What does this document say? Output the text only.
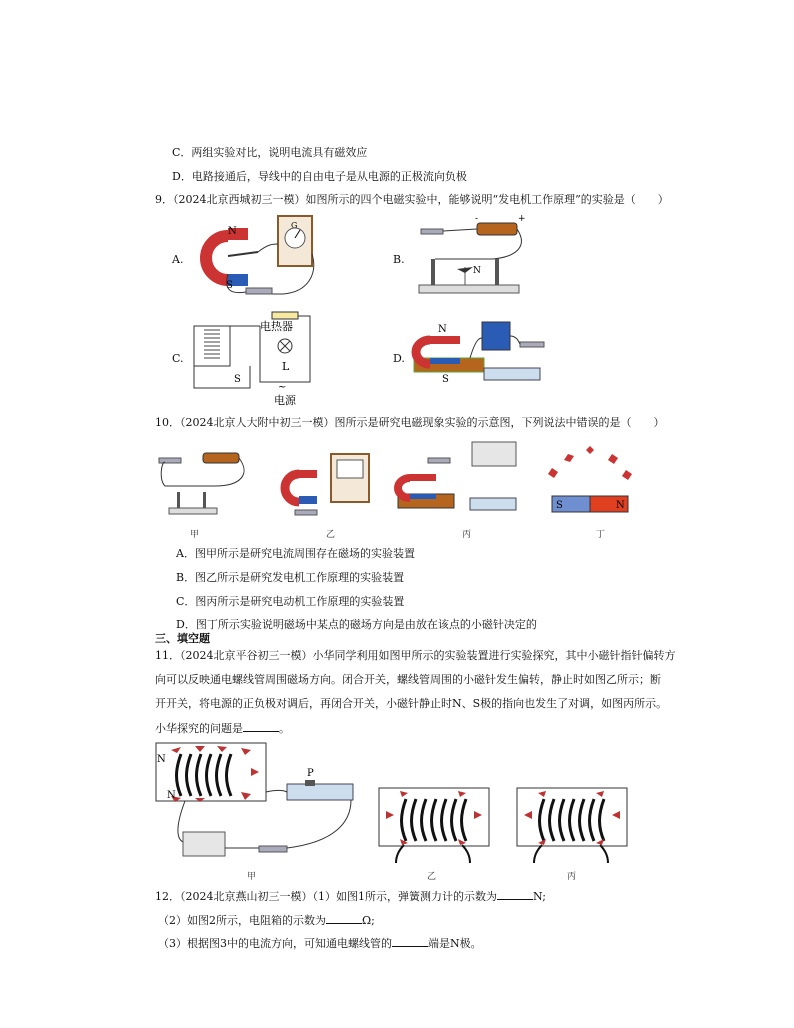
C．两组实验对比，说明电流具有磁效应
D．电路接通后，导线中的自由电子是从电源的正极流向负极
9．（2024北京西城初三一模）如图所示的四个电磁实验中，能够说明“发电机工作原理”的实验是（　　）
A.
N
S
G
B.
-	+
N
C.
电热器
L
S
~
电源
D.
N
S
10．（2024北京人大附中初三一模）图所示是研究电磁现象实验的示意图，下列说法中错误的是（　　）
甲	乙	丙
S	N
丁
A．图甲所示是研究电流周围存在磁场的实验装置
B．图乙所示是研究发电机工作原理的实验装置
C．图丙所示是研究电动机工作原理的实验装置
D．图丁所示实验说明磁场中某点的磁场方向是由放在该点的小磁针决定的
三、填空题
11．（2024北京平谷初三一模）小华同学利用如图甲所示的实验装置进行实验探究，其中小磁针指针偏转方
向可以反映通电螺线管周围磁场方向。闭合开关，螺线管周围的小磁针发生偏转，静止时如图乙所示；断
开开关，将电源的正负极对调后，再闭合开关，小磁针静止时N、S极的指向也发生了对调，如图丙所示。
小华探究的问题是	。
N
N
P
甲	乙	丙
12．（2024北京燕山初三一模）（1）如图1所示，弹簧测力计的示数为	N;
（2）如图2所示，电阻箱的示数为	Ω;
（3）根据图3中的电流方向，可知通电螺线管的	端是N极。
